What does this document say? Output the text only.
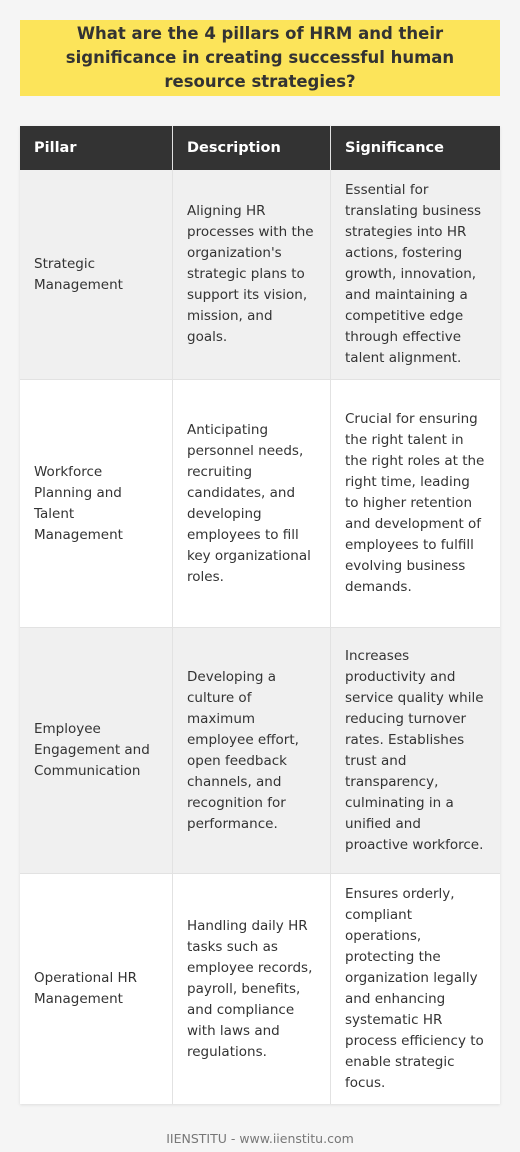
What are the 4 pillars of HRM and their significance in creating successful human resource strategies?

Pillar	Description	Significance
Strategic Management	Aligning HR processes with the organization's strategic plans to support its vision, mission, and goals.	Essential for translating business strategies into HR actions, fostering growth, innovation, and maintaining a competitive edge through effective talent alignment.
Workforce Planning and Talent Management	Anticipating personnel needs, recruiting candidates, and developing employees to fill key organizational roles.	Crucial for ensuring the right talent in the right roles at the right time, leading to higher retention and development of employees to fulfill evolving business demands.
Employee Engagement and Communication	Developing a culture of maximum employee effort, open feedback channels, and recognition for performance.	Increases productivity and service quality while reducing turnover rates. Establishes trust and transparency, culminating in a unified and proactive workforce.
Operational HR Management	Handling daily HR tasks such as employee records, payroll, benefits, and compliance with laws and regulations.	Ensures orderly, compliant operations, protecting the organization legally and enhancing systematic HR process efficiency to enable strategic focus.
IIENSTITU - www.iienstitu.com
